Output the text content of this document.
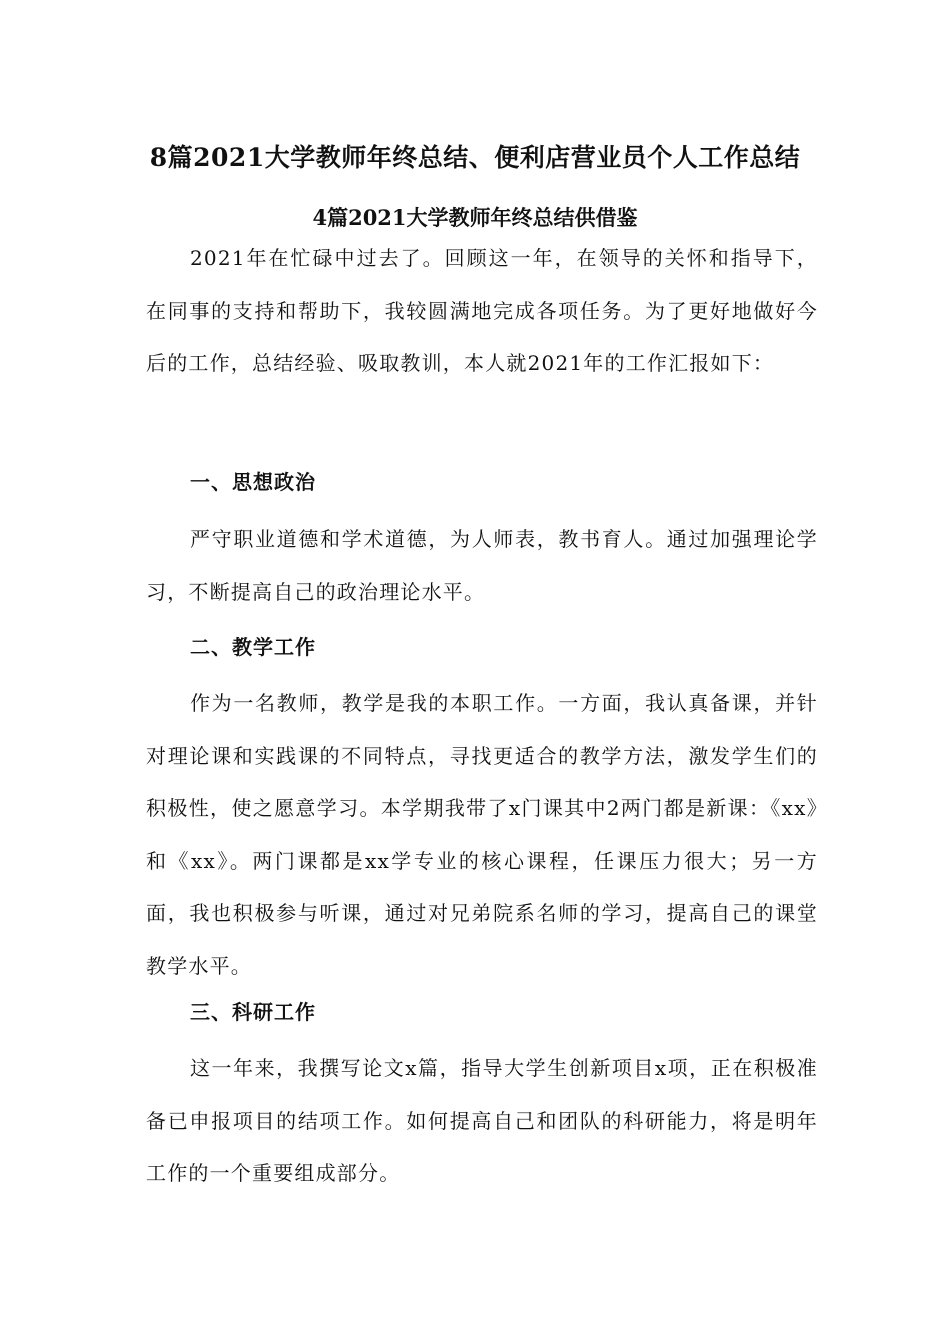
8篇2021大学教师年终总结、便利店营业员个人工作总结
4篇2021大学教师年终总结供借鉴

2021年在忙碌中过去了。回顾这一年，在领导的关怀和指导下，在同事的支持和帮助下，我较圆满地完成各项任务。为了更好地做好今后的工作，总结经验、吸取教训，本人就2021年的工作汇报如下：

一、思想政治

严守职业道德和学术道德，为人师表，教书育人。通过加强理论学习，不断提高自己的政治理论水平。

二、教学工作

作为一名教师，教学是我的本职工作。一方面，我认真备课，并针对理论课和实践课的不同特点，寻找更适合的教学方法，激发学生们的积极性，使之愿意学习。本学期我带了x门课其中2两门都是新课：《xx》和《xx》。两门课都是xx学专业的核心课程，任课压力很大；另一方面，我也积极参与听课，通过对兄弟院系名师的学习，提高自己的课堂教学水平。

三、科研工作

这一年来，我撰写论文x篇，指导大学生创新项目x项，正在积极准备已申报项目的结项工作。如何提高自己和团队的科研能力，将是明年工作的一个重要组成部分。
